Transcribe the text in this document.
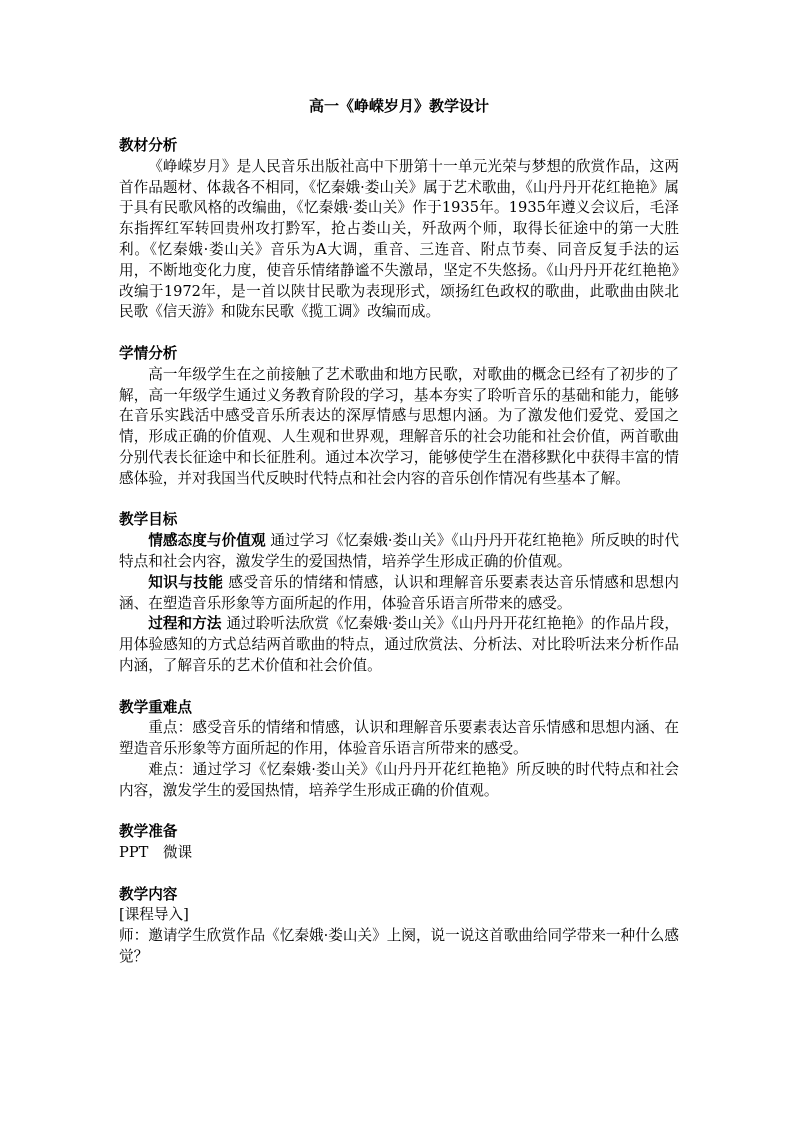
高一《峥嵘岁月》教学设计

教材分析

《峥嵘岁月》是人民音乐出版社高中下册第十一单元光荣与梦想的欣赏作品，这两首作品题材、体裁各不相同，《忆秦娥·娄山关》属于艺术歌曲，《山丹丹开花红艳艳》属于具有民歌风格的改编曲，《忆秦娥·娄山关》作于1935年。1935年遵义会议后，毛泽东指挥红军转回贵州攻打黔军，抢占娄山关，歼敌两个师，取得长征途中的第一大胜利。《忆秦娥·娄山关》音乐为A大调，重音、三连音、附点节奏、同音反复手法的运用，不断地变化力度，使音乐情绪静谧不失激昂，坚定不失悠扬。《山丹丹开花红艳艳》改编于1972年，是一首以陕甘民歌为表现形式，颂扬红色政权的歌曲，此歌曲由陕北民歌《信天游》和陇东民歌《揽工调》改编而成。

学情分析

高一年级学生在之前接触了艺术歌曲和地方民歌，对歌曲的概念已经有了初步的了解，高一年级学生通过义务教育阶段的学习，基本夯实了聆听音乐的基础和能力，能够在音乐实践活中感受音乐所表达的深厚情感与思想内涵。为了激发他们爱党、爱国之情，形成正确的价值观、人生观和世界观，理解音乐的社会功能和社会价值，两首歌曲分别代表长征途中和长征胜利。通过本次学习，能够使学生在潜移默化中获得丰富的情感体验，并对我国当代反映时代特点和社会内容的音乐创作情况有些基本了解。

教学目标

情感态度与价值观 通过学习《忆秦娥·娄山关》《山丹丹开花红艳艳》所反映的时代特点和社会内容，激发学生的爱国热情，培养学生形成正确的价值观。

知识与技能 感受音乐的情绪和情感，认识和理解音乐要素表达音乐情感和思想内涵、在塑造音乐形象等方面所起的作用，体验音乐语言所带来的感受。

过程和方法 通过聆听法欣赏《忆秦娥·娄山关》《山丹丹开花红艳艳》的作品片段，用体验感知的方式总结两首歌曲的特点，通过欣赏法、分析法、对比聆听法来分析作品内涵，了解音乐的艺术价值和社会价值。

教学重难点

重点：感受音乐的情绪和情感，认识和理解音乐要素表达音乐情感和思想内涵、在塑造音乐形象等方面所起的作用，体验音乐语言所带来的感受。

难点：通过学习《忆秦娥·娄山关》《山丹丹开花红艳艳》所反映的时代特点和社会内容，激发学生的爱国热情，培养学生形成正确的价值观。

教学准备

PPT　微课

教学内容

[课程导入]

师：邀请学生欣赏作品《忆秦娥·娄山关》上阕，说一说这首歌曲给同学带来一种什么感觉？
